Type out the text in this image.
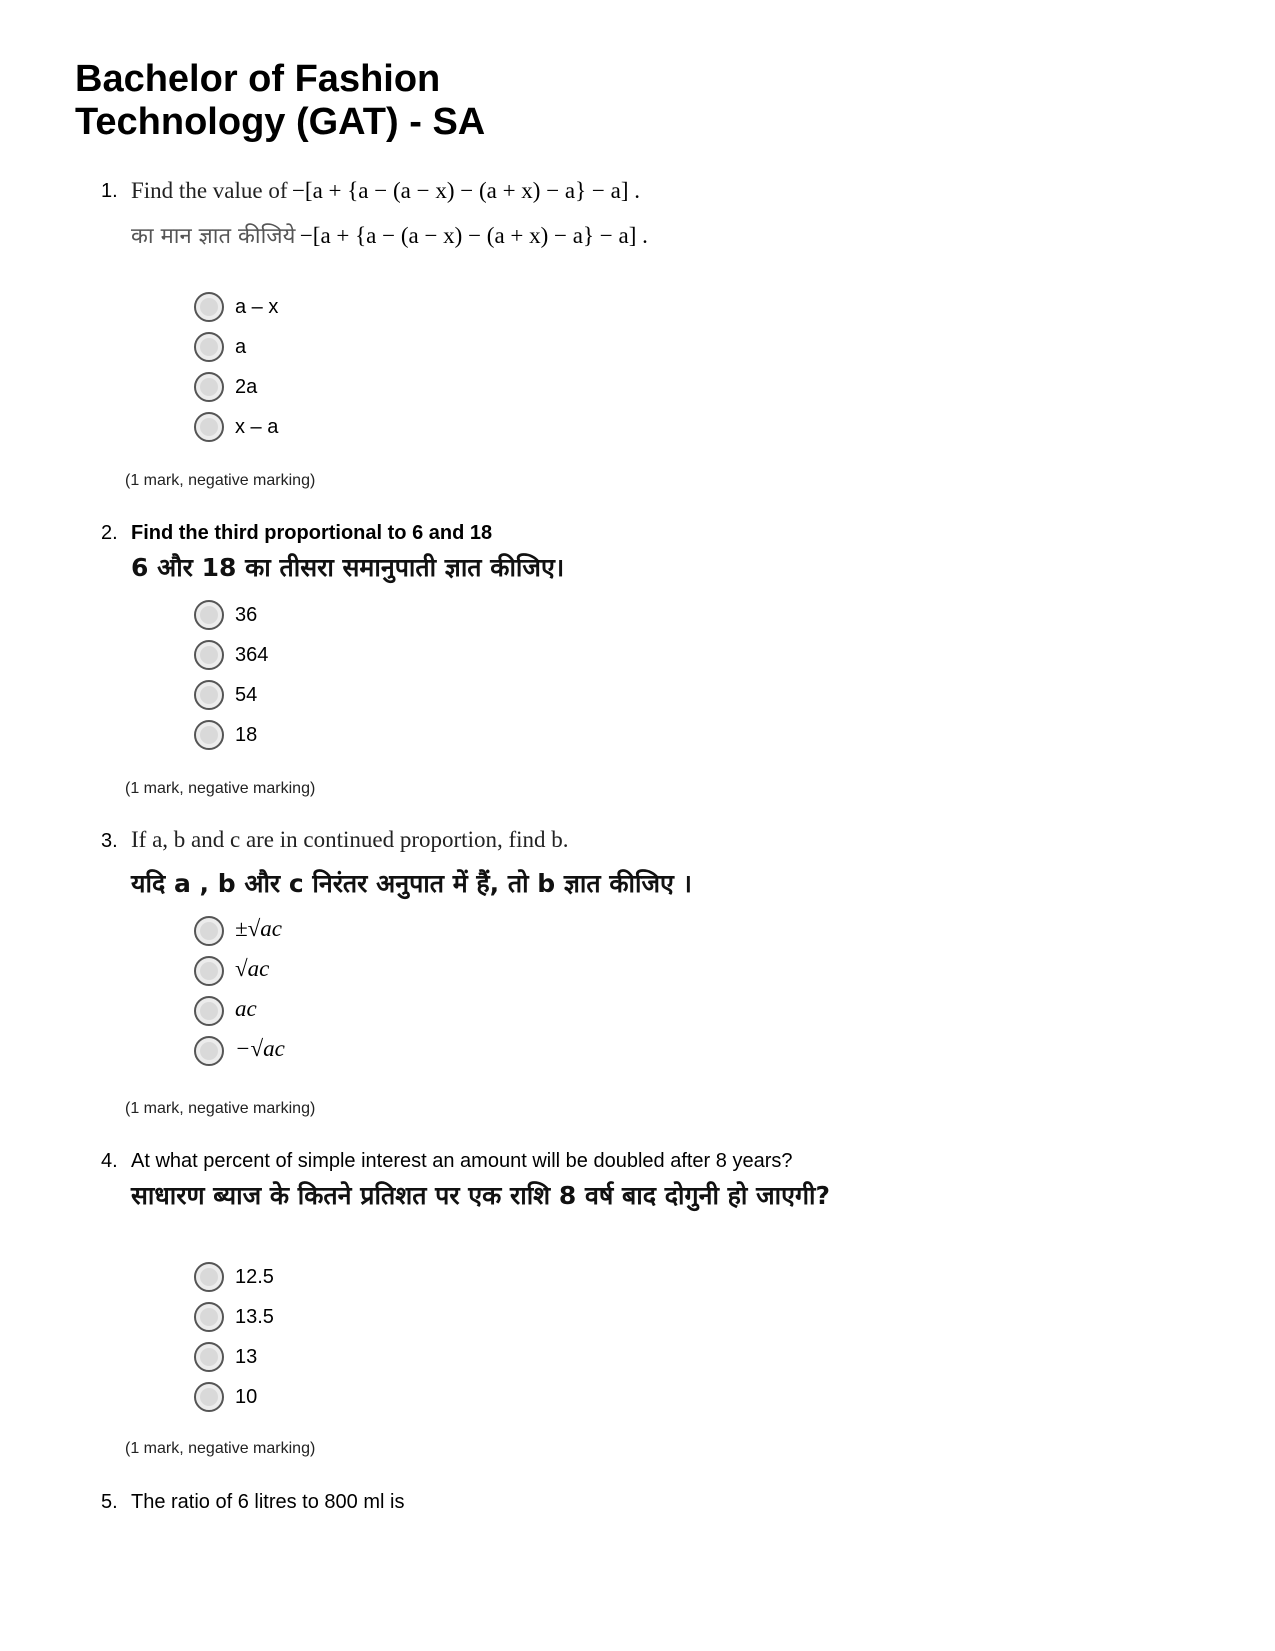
Bachelor of Fashion
Technology (GAT) - SA
1. Find the value of −[a + {a − (a − x) − (a + x) − a} − a] .
का मान ज्ञात कीजिये −[a + {a − (a − x) − (a + x) − a} − a] .
a – x
a
2a
x – a
(1 mark, negative marking)
2. Find the third proportional to 6 and 18
6 और 18 का तीसरा समानुपाती ज्ञात कीजिए।
36
364
54
18
(1 mark, negative marking)
3. If a, b and c are in continued proportion, find b.
यदि a , b और c निरंतर अनुपात में हैं, तो b ज्ञात कीजिए ।
±√ac
√ac
ac
−√ac
(1 mark, negative marking)
4. At what percent of simple interest an amount will be doubled after 8 years?
साधारण ब्याज के कितने प्रतिशत पर एक राशि 8 वर्ष बाद दोगुनी हो जाएगी?
12.5
13.5
13
10
(1 mark, negative marking)
5. The ratio of 6 litres to 800 ml is
